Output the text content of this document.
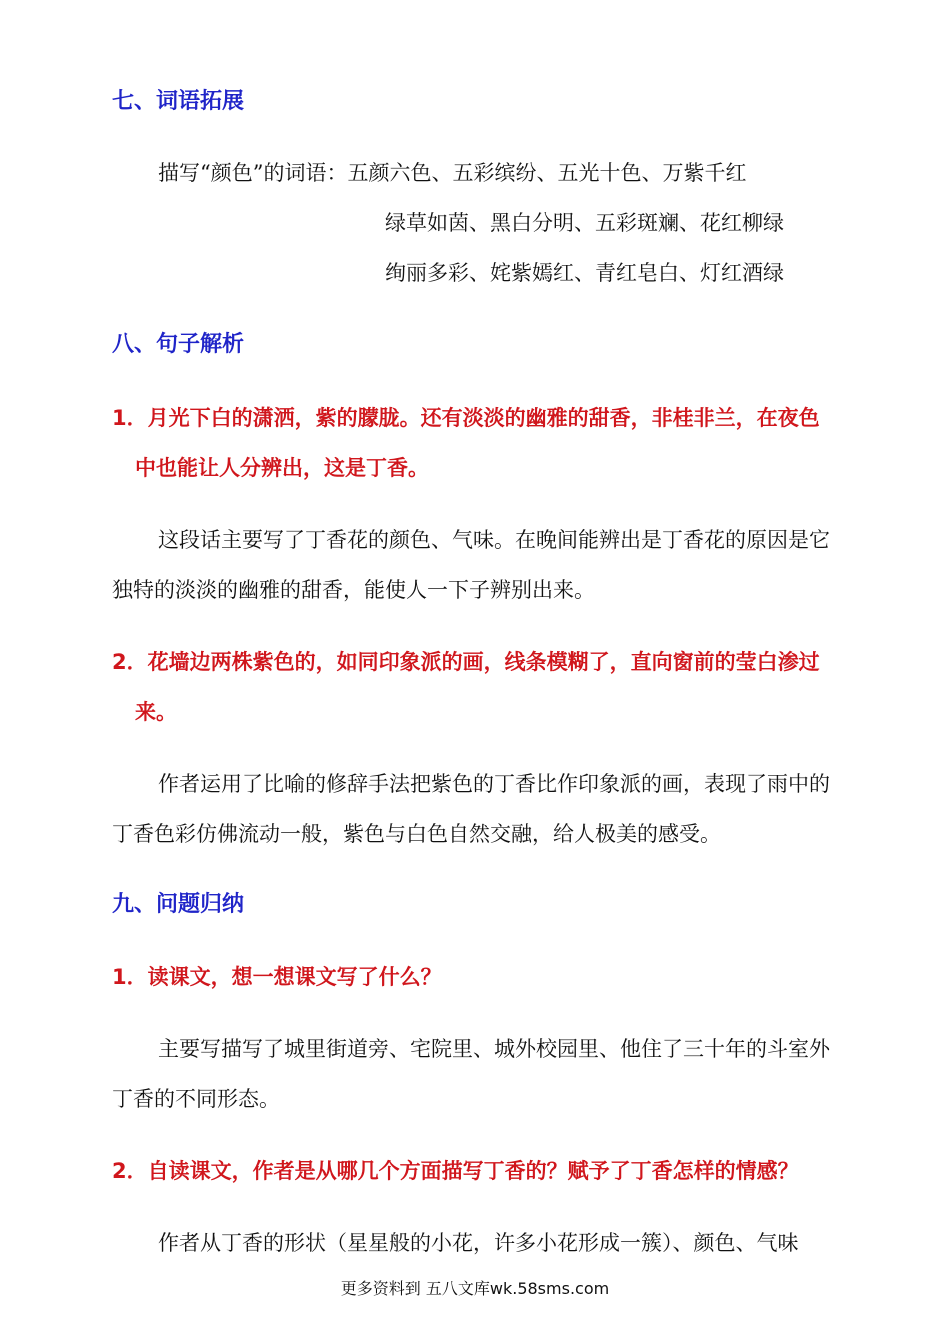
七、词语拓展
描写“颜色”的词语：五颜六色、五彩缤纷、五光十色、万紫千红
绿草如茵、黑白分明、五彩斑斓、花红柳绿
绚丽多彩、姹紫嫣红、青红皂白、灯红酒绿
八、句子解析
1．月光下白的潇洒，紫的朦胧。还有淡淡的幽雅的甜香，非桂非兰，在夜色
中也能让人分辨出，这是丁香。
这段话主要写了丁香花的颜色、气味。在晚间能辨出是丁香花的原因是它
独特的淡淡的幽雅的甜香，能使人一下子辨别出来。
2．花墙边两株紫色的，如同印象派的画，线条模糊了，直向窗前的莹白渗过
来。
作者运用了比喻的修辞手法把紫色的丁香比作印象派的画，表现了雨中的
丁香色彩仿佛流动一般，紫色与白色自然交融，给人极美的感受。
九、问题归纳
1．读课文，想一想课文写了什么？
主要写描写了城里街道旁、宅院里、城外校园里、他住了三十年的斗室外
丁香的不同形态。
2．自读课文，作者是从哪几个方面描写丁香的？赋予了丁香怎样的情感？
作者从丁香的形状（星星般的小花，许多小花形成一簇）、颜色、气味
更多资料到 五八文库wk.58sms.com
